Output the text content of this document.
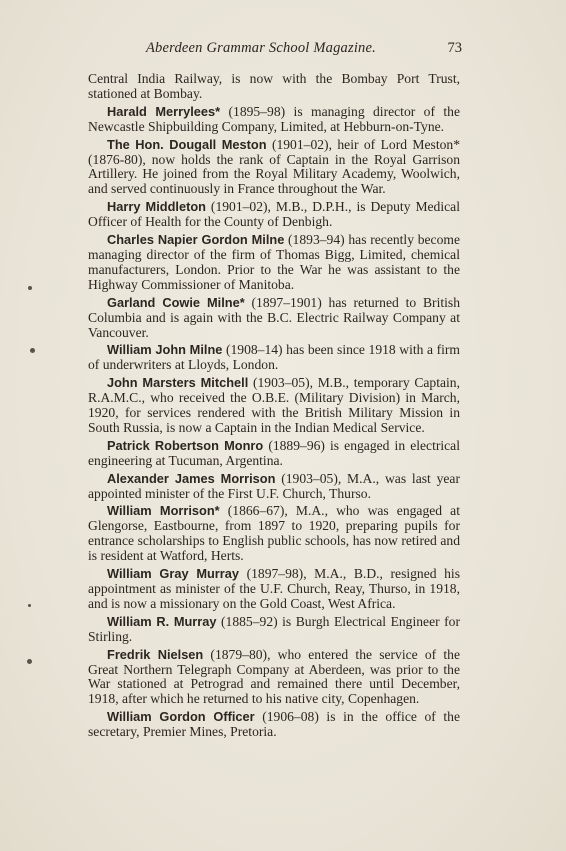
Aberdeen Grammar School Magazine.	73

Central India Railway, is now with the Bombay Port Trust, stationed at Bombay.

Harald Merrylees* (1895–98) is managing director of the Newcastle Shipbuilding Company, Limited, at Hebburn-on-Tyne.

The Hon. Dougall Meston (1901–02), heir of Lord Meston* (1876-80), now holds the rank of Captain in the Royal Garrison Artillery. He joined from the Royal Military Academy, Woolwich, and served continuously in France throughout the War.

Harry Middleton (1901–02), M.B., D.P.H., is Deputy Medical Officer of Health for the County of Denbigh.

Charles Napier Gordon Milne (1893–94) has recently become managing director of the firm of Thomas Bigg, Limited, chemical manufacturers, London. Prior to the War he was assistant to the Highway Commissioner of Manitoba.

Garland Cowie Milne* (1897–1901) has returned to British Columbia and is again with the B.C. Electric Railway Company at Vancouver.

William John Milne (1908–14) has been since 1918 with a firm of underwriters at Lloyds, London.

John Marsters Mitchell (1903–05), M.B., temporary Captain, R.A.M.C., who received the O.B.E. (Military Division) in March, 1920, for services rendered with the British Military Mission in South Russia, is now a Captain in the Indian Medical Service.

Patrick Robertson Monro (1889–96) is engaged in electrical engineering at Tucuman, Argentina.

Alexander James Morrison (1903–05), M.A., was last year appointed minister of the First U.F. Church, Thurso.

William Morrison* (1866–67), M.A., who was engaged at Glengorse, Eastbourne, from 1897 to 1920, preparing pupils for entrance scholarships to English public schools, has now retired and is resident at Watford, Herts.

William Gray Murray (1897–98), M.A., B.D., resigned his appointment as minister of the U.F. Church, Reay, Thurso, in 1918, and is now a missionary on the Gold Coast, West Africa.

William R. Murray (1885–92) is Burgh Electrical Engineer for Stirling.

Fredrik Nielsen (1879–80), who entered the service of the Great Northern Telegraph Company at Aberdeen, was prior to the War stationed at Petrograd and remained there until December, 1918, after which he returned to his native city, Copenhagen.

William Gordon Officer (1906–08) is in the office of the secretary, Premier Mines, Pretoria.
